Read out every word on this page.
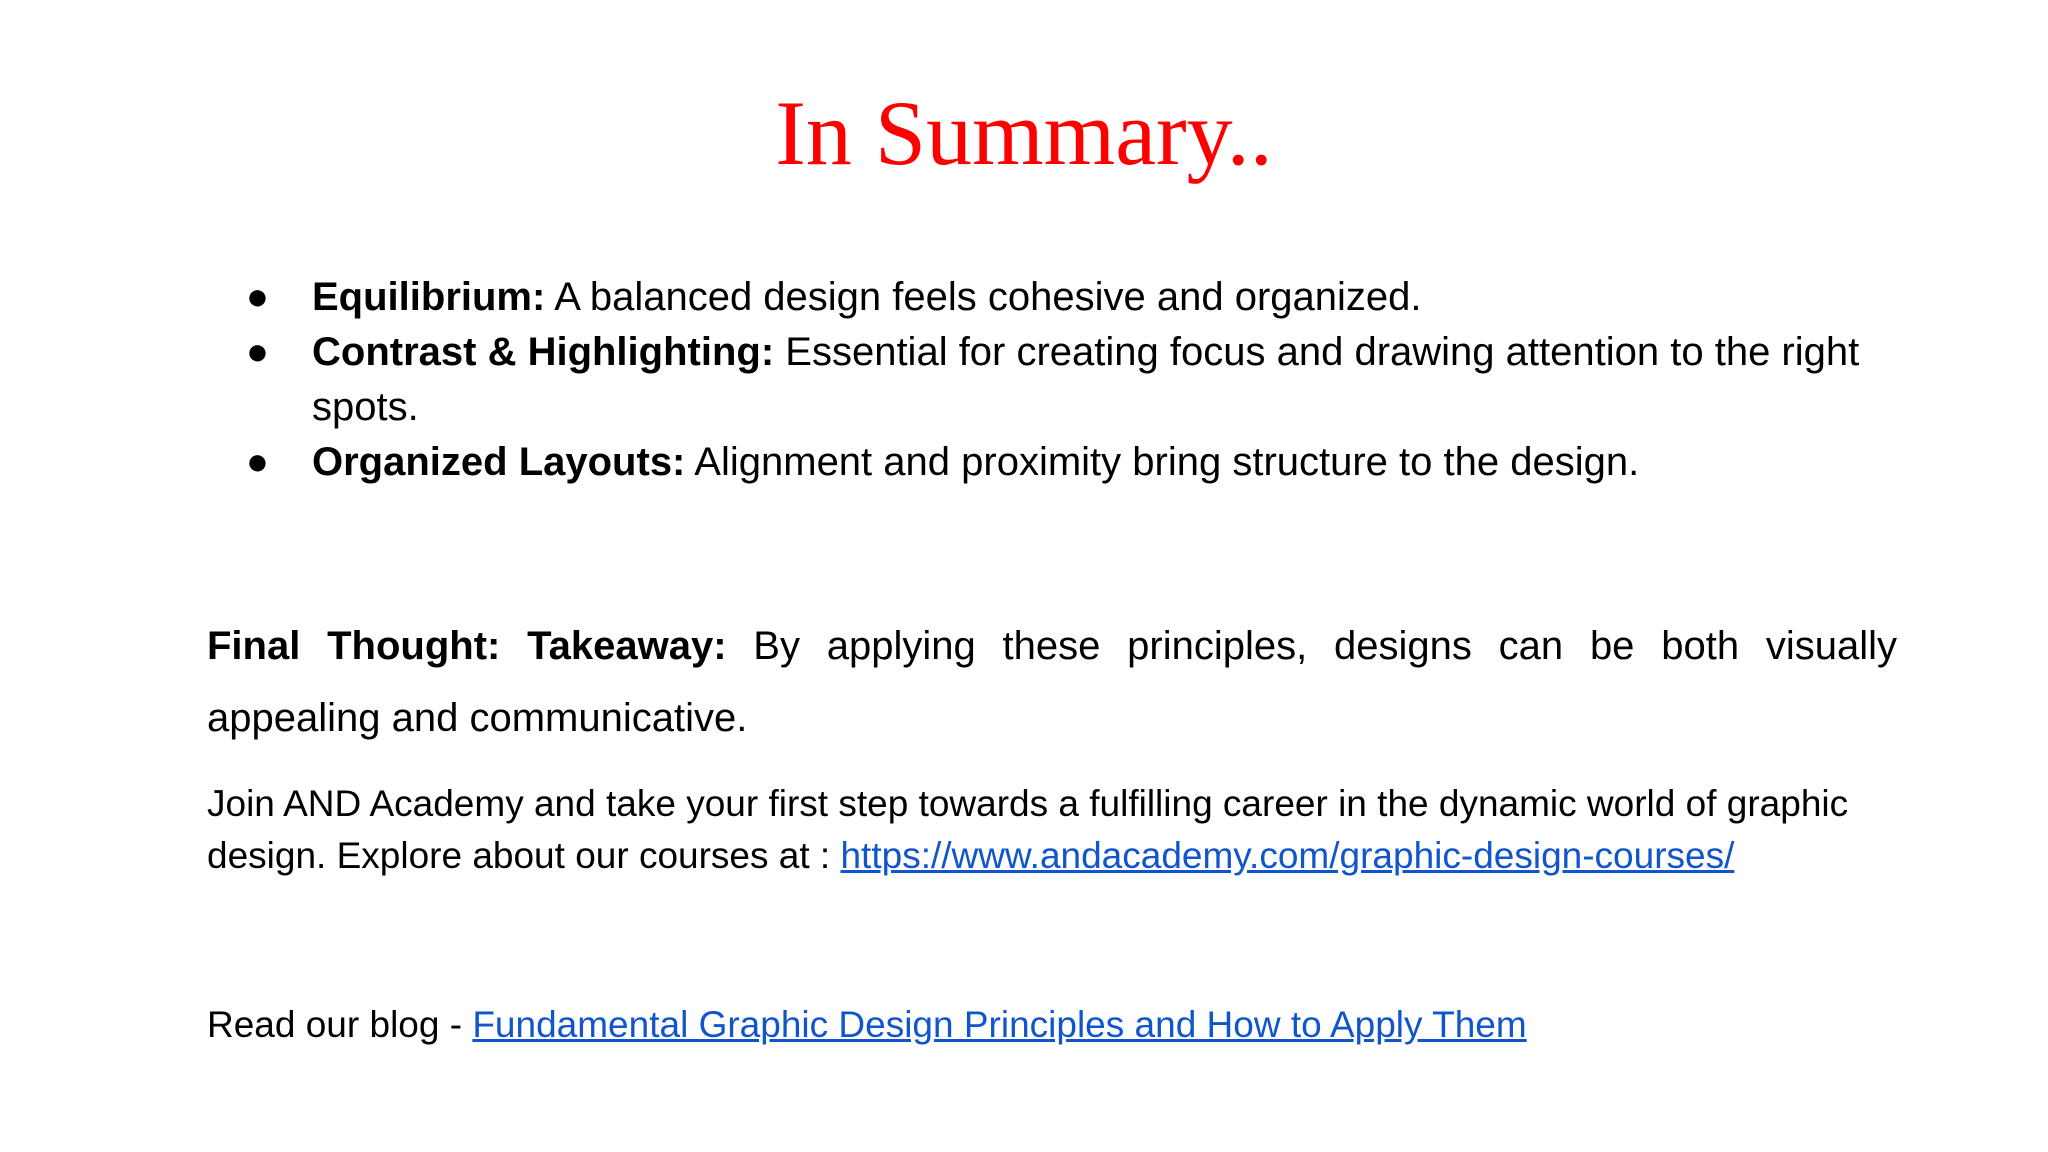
In Summary..
● Equilibrium: A balanced design feels cohesive and organized.
● Contrast & Highlighting: Essential for creating focus and drawing attention to the right spots.
● Organized Layouts: Alignment and proximity bring structure to the design.
Final Thought: Takeaway: By applying these principles, designs can be both visually appealing and communicative.
Join AND Academy and take your first step towards a fulfilling career in the dynamic world of graphic design. Explore about our courses at : https://www.andacademy.com/graphic-design-courses/
Read our blog - Fundamental Graphic Design Principles and How to Apply Them
